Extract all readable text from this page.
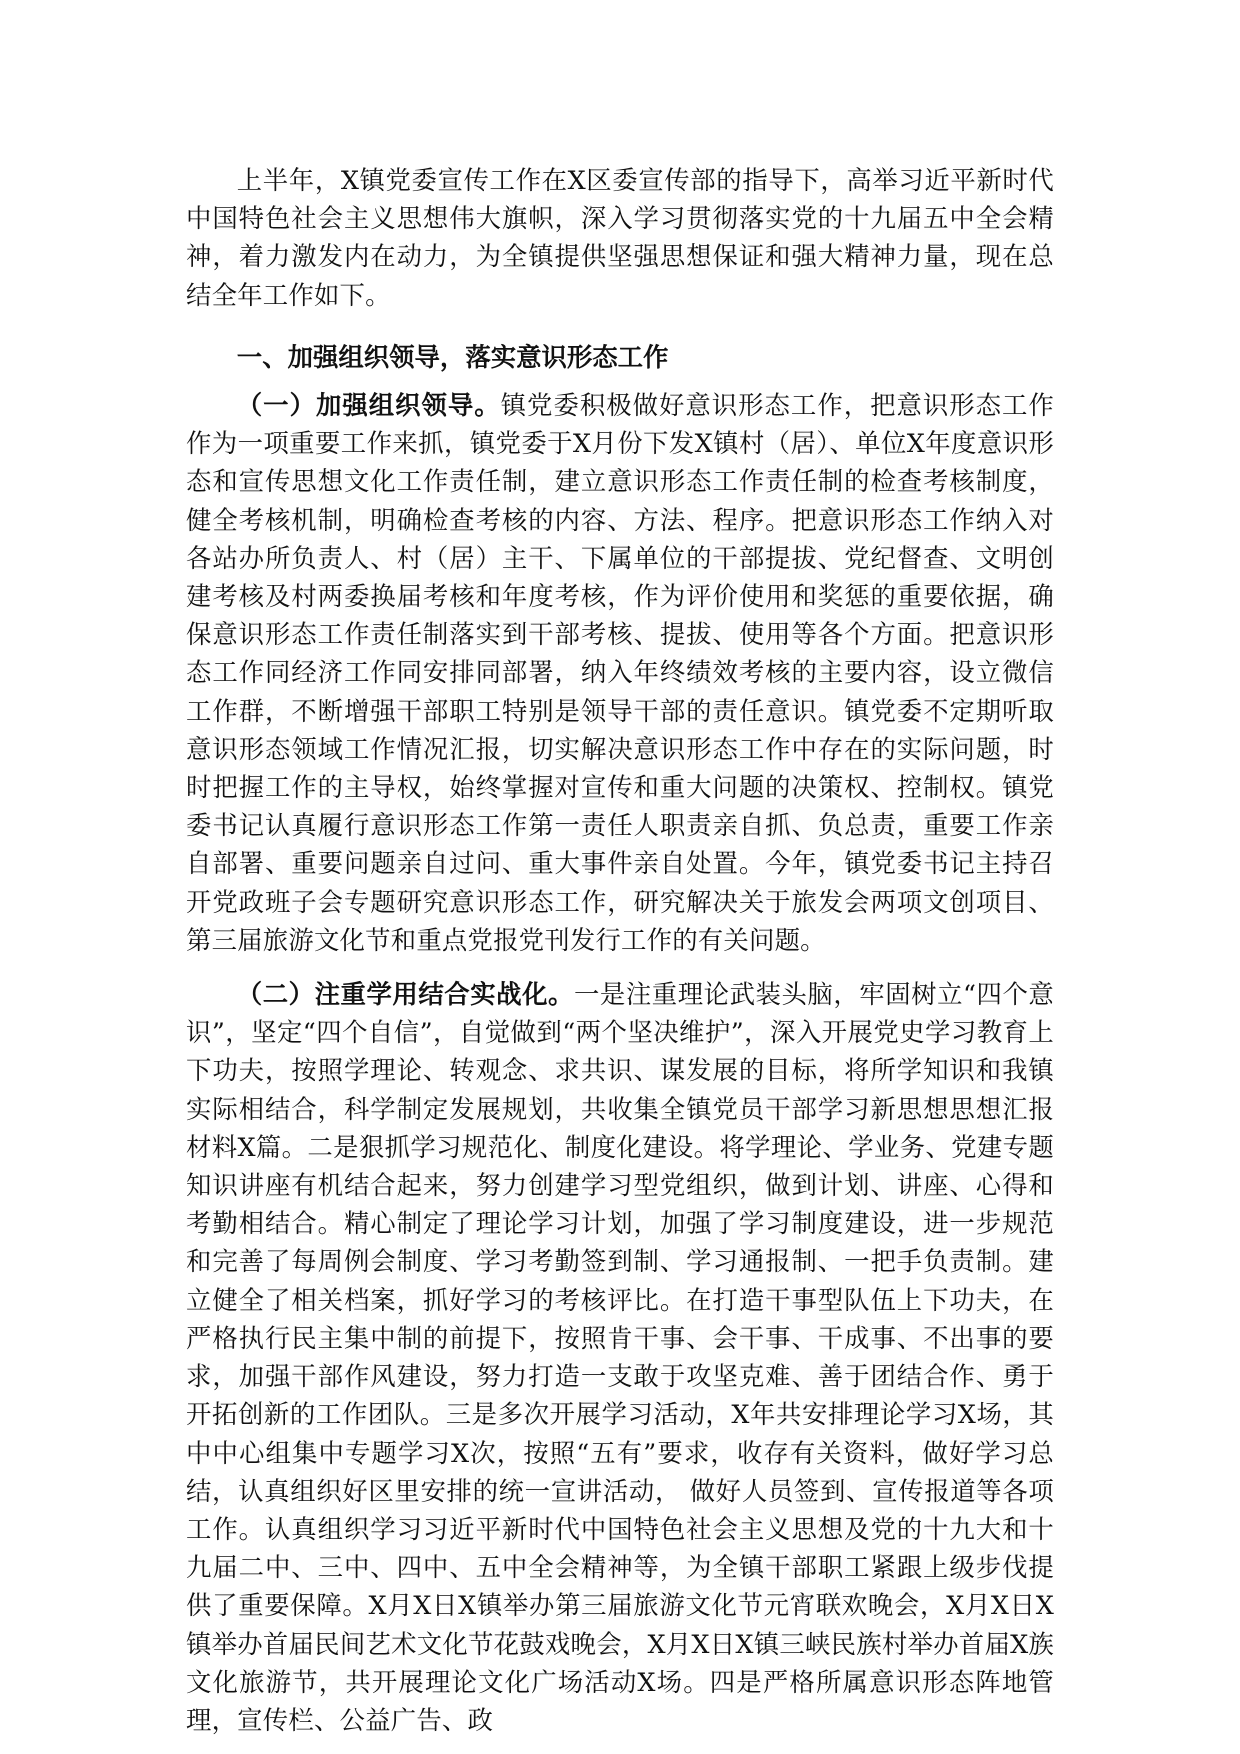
上半年，X镇党委宣传工作在X区委宣传部的指导下，高举习近平新时代中国特色社会主义思想伟大旗帜，深入学习贯彻落实党的十九届五中全会精神，着力激发内在动力，为全镇提供坚强思想保证和强大精神力量，现在总结全年工作如下。

一、加强组织领导，落实意识形态工作

（一）加强组织领导。镇党委积极做好意识形态工作，把意识形态工作作为一项重要工作来抓，镇党委于X月份下发X镇村（居）、单位X年度意识形态和宣传思想文化工作责任制，建立意识形态工作责任制的检查考核制度，健全考核机制，明确检查考核的内容、方法、程序。把意识形态工作纳入对各站办所负责人、村（居）主干、下属单位的干部提拔、党纪督查、文明创建考核及村两委换届考核和年度考核，作为评价使用和奖惩的重要依据，确保意识形态工作责任制落实到干部考核、提拔、使用等各个方面。把意识形态工作同经济工作同安排同部署，纳入年终绩效考核的主要内容，设立微信工作群，不断增强干部职工特别是领导干部的责任意识。镇党委不定期听取意识形态领域工作情况汇报，切实解决意识形态工作中存在的实际问题，时时把握工作的主导权，始终掌握对宣传和重大问题的决策权、控制权。镇党委书记认真履行意识形态工作第一责任人职责亲自抓、负总责，重要工作亲自部署、重要问题亲自过问、重大事件亲自处置。今年，镇党委书记主持召开党政班子会专题研究意识形态工作，研究解决关于旅发会两项文创项目、第三届旅游文化节和重点党报党刊发行工作的有关问题。

（二）注重学用结合实战化。一是注重理论武装头脑，牢固树立“四个意识”，坚定“四个自信”，自觉做到“两个坚决维护”，深入开展党史学习教育上下功夫，按照学理论、转观念、求共识、谋发展的目标，将所学知识和我镇实际相结合，科学制定发展规划，共收集全镇党员干部学习新思想思想汇报材料X篇。二是狠抓学习规范化、制度化建设。将学理论、学业务、党建专题知识讲座有机结合起来，努力创建学习型党组织，做到计划、讲座、心得和考勤相结合。精心制定了理论学习计划，加强了学习制度建设，进一步规范和完善了每周例会制度、学习考勤签到制、学习通报制、一把手负责制。建立健全了相关档案，抓好学习的考核评比。在打造干事型队伍上下功夫，在严格执行民主集中制的前提下，按照肯干事、会干事、干成事、不出事的要求，加强干部作风建设，努力打造一支敢于攻坚克难、善于团结合作、勇于开拓创新的工作团队。三是多次开展学习活动，X年共安排理论学习X场，其中中心组集中专题学习X次，按照“五有”要求，收存有关资料，做好学习总结，认真组织好区里安排的统一宣讲活动， 做好人员签到、宣传报道等各项工作。认真组织学习习近平新时代中国特色社会主义思想及党的十九大和十九届二中、三中、四中、五中全会精神等，为全镇干部职工紧跟上级步伐提供了重要保障。X月X日X镇举办第三届旅游文化节元宵联欢晚会，X月X日X镇举办首届民间艺术文化节花鼓戏晚会，X月X日X镇三峡民族村举办首届X族文化旅游节，共开展理论文化广场活动X场。四是严格所属意识形态阵地管理，宣传栏、公益广告、政
